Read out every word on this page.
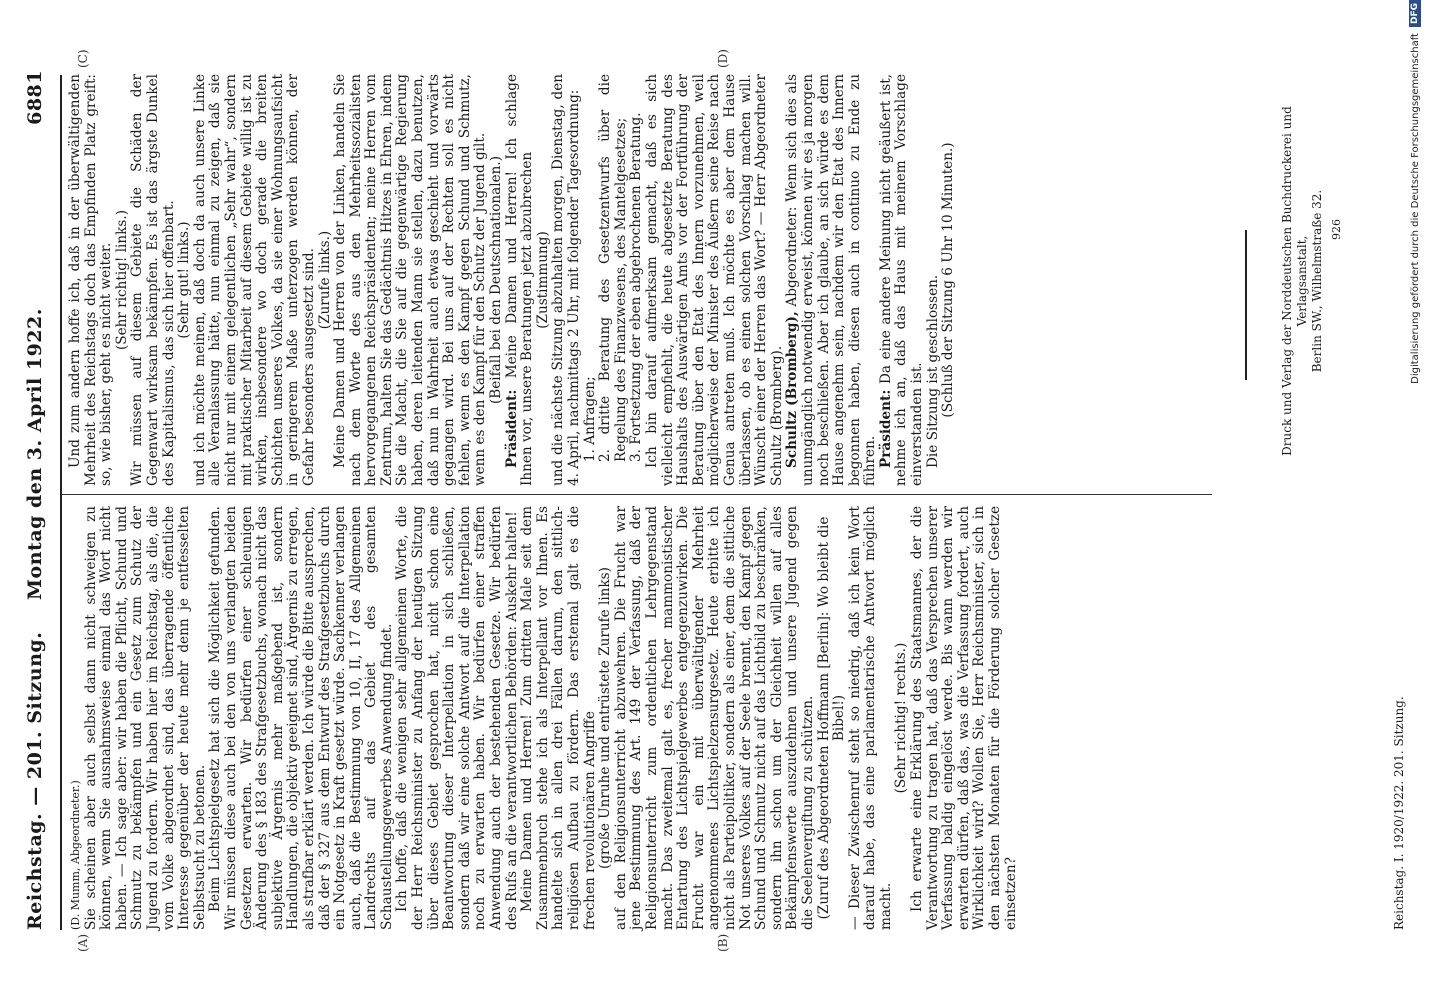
Reichstag. — 201. Sitzung.
Montag den 3. April 1922.
6881
(A)	(B)
(C)	(D)

(D. Mumm, Abgeordneter.) Sie scheinen aber auch selbst dann nicht schweigen zu können, wenn Sie ausnahmsweise einmal das Wort nicht haben. — Ich sage aber: wir haben die Pflicht, Schund und Schmutz zu bekämpfen und ein Gesetz zum Schutz der Jugend zu fordern. Wir haben hier im Reichstag, als die, die vom Volke abgeordnet sind, das überragende öffentliche Interesse gegenüber der heute mehr denn je entfesselten Selbstsucht zu betonen. Beim Lichtspielgesetz hat sich die Möglichkeit gefunden. Wir müssen diese auch bei den von uns verlangten beiden Gesetzen erwarten. Wir bedürfen einer schleunigen Änderung des § 183 des Strafgesetzbuchs, wonach nicht das subjektive Ärgernis mehr maßgebend ist, sondern Handlungen, die objektiv geeignet sind, Ärgernis zu erregen, als strafbar erklärt werden. Ich würde die Bitte aussprechen, daß der § 327 aus dem Entwurf des Strafgesetzbuchs durch ein Notgesetz in Kraft gesetzt würde. Sachkenner verlangen auch, daß die Bestimmung von 10, II, 17 des Allgemeinen Landrechts auf das Gebiet des gesamten Schaustellungsgewerbes Anwendung findet. Ich hoffe, daß die wenigen sehr allgemeinen Worte, die der Herr Reichsminister zu Anfang der heutigen Sitzung über dieses Gebiet gesprochen hat, nicht schon eine Beantwortung dieser Interpellation in sich schließen, sondern daß wir eine solche Antwort auf die Interpellation noch zu erwarten haben. Wir bedürfen einer straffen Anwendung auch der bestehenden Gesetze. Wir bedürfen des Rufs an die verantwortlichen Behörden: Auskehr halten! Meine Damen und Herren! Zum dritten Male seit dem Zusammenbruch stehe ich als Interpellant vor Ihnen. Es handelte sich in allen drei Fällen darum, den sittlich-religiösen Aufbau zu fördern. Das erstemal galt es die frechen revolutionären Angriffe (große Unruhe und entrüstete Zurufe links) auf den Religionsunterricht abzuwehren. Die Frucht war jene Bestimmung des Art. 149 der Verfassung, daß der Religionsunterricht zum ordentlichen Lehrgegenstand macht. Das zweitemal galt es, frecher mammonistischer Entartung des Lichtspielgewerbes entgegenzuwirken. Die Frucht war ein mit überwältigender Mehrheit angenommenes Lichtspielzensurgesetz. Heute erbitte ich nicht als Parteipolitiker, sondern als einer, dem die sittliche Not unseres Volkes auf der Seele brennt, den Kampf gegen Schund und Schmutz nicht auf das Lichtbild zu beschränken, sondern ihn schon um der Gleichheit willen auf alles Bekämpfenswerte auszudehnen und unsere Jugend gegen die Seelenvergiftung zu schützen. (Zuruf des Abgeordneten Hoffmann [Berlin]: Wo bleibt die Bibel!) — Dieser Zwischenruf steht so niedrig, daß ich kein Wort darauf habe, das eine parlamentarische Antwort möglich macht.

(Sehr richtig! rechts.) Ich erwarte eine Erklärung des Staatsmannes, der die Verantwortung zu tragen hat, daß das Versprechen unserer Verfassung baldig eingelöst werde. Bis wann werden wir erwarten dürfen, daß das, was die Verfassung fordert, auch Wirklichkeit wird? Wollen Sie, Herr Reichsminister, sich in den nächsten Monaten für die Förderung solcher Gesetze einsetzen?

Und zum andern hoffe ich, daß in der überwältigenden Mehrheit des Reichstags doch das Empfinden Platz greift: so, wie bisher, geht es nicht weiter. (Sehr richtig! links.) Wir müssen auf diesem Gebiete die Schäden der Gegenwart wirksam bekämpfen. Es ist das ärgste Dunkel des Kapitalismus, das sich hier offenbart. (Sehr gut! links.) und ich möchte meinen, daß doch da auch unsere Linke alle Veranlassung hätte, nun einmal zu zeigen, daß sie nicht nur mit einem gelegentlichen „Sehr wahr“, sondern mit praktischer Mitarbeit auf diesem Gebiete willig ist zu wirken, insbesondere wo doch gerade die breiten Schichten unseres Volkes, da sie einer Wohnungsaufsicht in geringerem Maße unterzogen werden können, der Gefahr besonders ausgesetzt sind. (Zurufe links.) Meine Damen und Herren von der Linken, handeln Sie nach dem Worte des aus den Mehrheitssozialisten hervorgegangenen Reichspräsidenten; meine Herren vom Zentrum, halten Sie das Gedächtnis Hitzes in Ehren, indem Sie die Macht, die Sie auf die gegenwärtige Regierung haben, deren leitenden Mann sie stellen, dazu benutzen, daß nun in Wahrheit auch etwas geschieht und vorwärts gegangen wird. Bei uns auf der Rechten soll es nicht fehlen, wenn es den Kampf gegen Schund und Schmutz, wenn es den Kampf für den Schutz der Jugend gilt. (Beifall bei den Deutschnationalen.)

Präsident: Meine Damen und Herren! Ich schlage Ihnen vor, unsere Beratungen jetzt abzubrechen (Zustimmung) und die nächste Sitzung abzuhalten morgen, Dienstag, den 4. April, nachmittags 2 Uhr, mit folgender Tagesordnung: 1. Anfragen; 2. dritte Beratung des Gesetzentwurfs über die Regelung des Finanzwesens, des Mantelgesetzes; 3. Fortsetzung der eben abgebrochenen Beratung. Ich bin darauf aufmerksam gemacht, daß es sich vielleicht empfiehlt, die heute abgesetzte Beratung des Haushalts des Auswärtigen Amts vor der Fortführung der Beratung über den Etat des Innern vorzunehmen, weil möglicherweise der Minister des Äußern seine Reise nach Genua antreten muß. Ich möchte es aber dem Hause überlassen, ob es einen solchen Vorschlag machen will. Wünscht einer der Herren das Wort? — Herr Abgeordneter Schultz (Bromberg). Schultz (Bromberg), Abgeordneter: Wenn sich dies als unumgänglich notwendig erweist, können wir es ja morgen noch beschließen. Aber ich glaube, an sich würde es dem Hause angenehm sein, nachdem wir den Etat des Innern begonnen haben, diesen auch in continuo zu Ende zu führen. Präsident: Da eine andere Meinung nicht geäußert ist, nehme ich an, daß das Haus mit meinem Vorschlage einverstanden ist. Die Sitzung ist geschlossen. (Schluß der Sitzung 6 Uhr 10 Minuten.)	Druck und Verlag der Norddeutschen Buchdruckerei und Verlagsanstalt, Berlin SW., Wilhelmstraße 32. 926
Reichstag. I. 1920/1922. 201. Sitzung.
Digitalisierung gefördert durch die Deutsche Forschungsgemeinschaft
DFG
